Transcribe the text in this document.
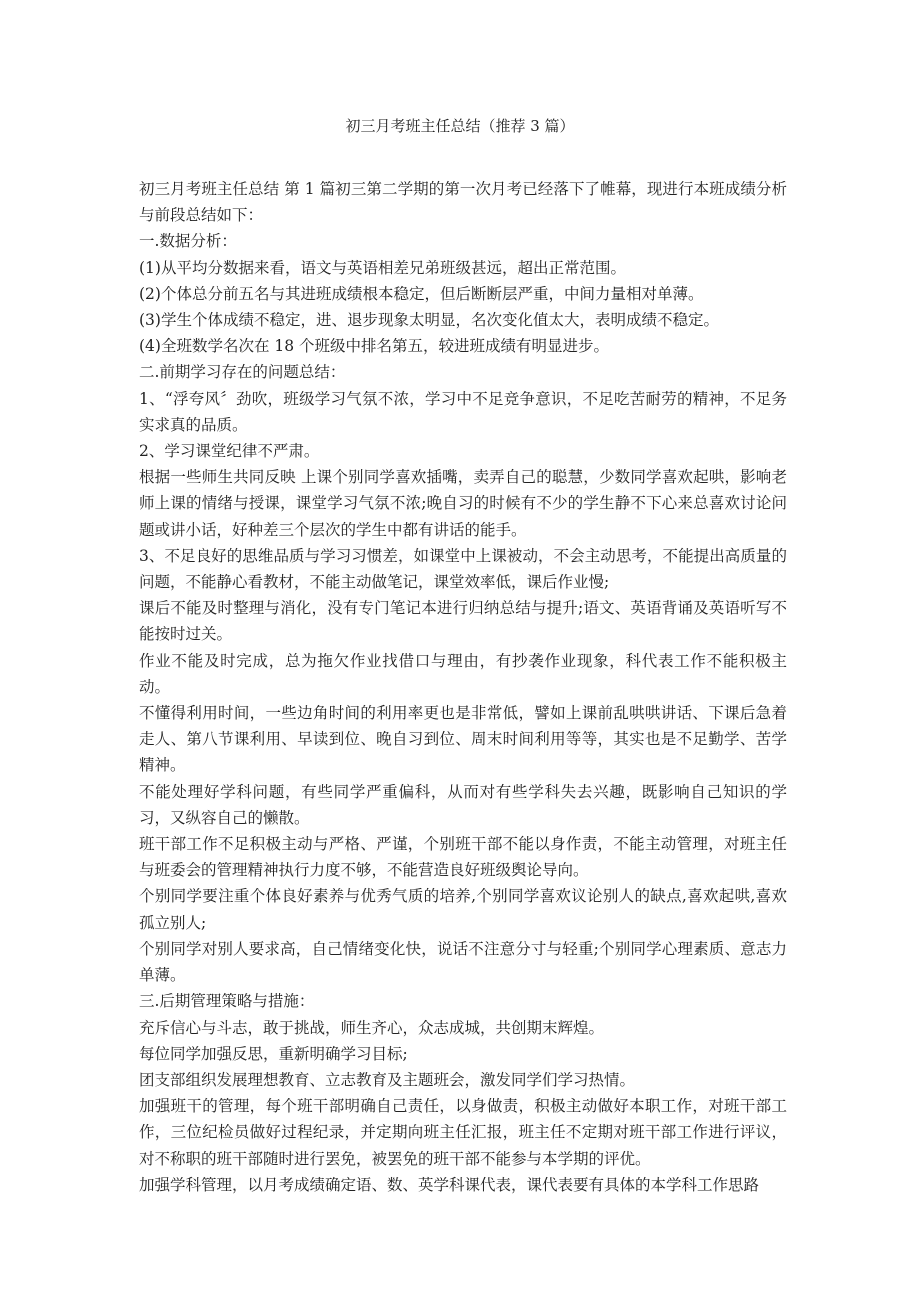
初三月考班主任总结（推荐 3 篇）

初三月考班主任总结 第 1 篇初三第二学期的第一次月考已经落下了帷幕，现进行本班成绩分析与前段总结如下：

一.数据分析：

(1)从平均分数据来看，语文与英语相差兄弟班级甚远，超出正常范围。

(2)个体总分前五名与其进班成绩根本稳定，但后断断层严重，中间力量相对单薄。

(3)学生个体成绩不稳定，进、退步现象太明显，名次变化值太大，表明成绩不稳定。

(4)全班数学名次在 18 个班级中排名第五，较进班成绩有明显进步。

二.前期学习存在的问题总结：

1、“浮夸风〞劲吹，班级学习气氛不浓，学习中不足竞争意识，不足吃苦耐劳的精神，不足务实求真的品质。

2、学习课堂纪律不严肃。

根据一些师生共同反映 上课个别同学喜欢插嘴，卖弄自己的聪慧，少数同学喜欢起哄，影响老师上课的情绪与授课，课堂学习气氛不浓;晚自习的时候有不少的学生静不下心来总喜欢讨论问题或讲小话，好种差三个层次的学生中都有讲话的能手。

3、不足良好的思维品质与学习习惯差，如课堂中上课被动，不会主动思考，不能提出高质量的问题，不能静心看教材，不能主动做笔记，课堂效率低，课后作业慢;

课后不能及时整理与消化，没有专门笔记本进行归纳总结与提升;语文、英语背诵及英语听写不能按时过关。

作业不能及时完成，总为拖欠作业找借口与理由，有抄袭作业现象，科代表工作不能积极主动。

不懂得利用时间，一些边角时间的利用率更也是非常低，譬如上课前乱哄哄讲话、下课后急着走人、第八节课利用、早读到位、晚自习到位、周末时间利用等等，其实也是不足勤学、苦学精神。

不能处理好学科问题，有些同学严重偏科，从而对有些学科失去兴趣，既影响自己知识的学习，又纵容自己的懒散。

班干部工作不足积极主动与严格、严谨，个别班干部不能以身作责，不能主动管理，对班主任与班委会的管理精神执行力度不够，不能营造良好班级舆论导向。

个别同学要注重个体良好素养与优秀气质的培养,个别同学喜欢议论别人的缺点,喜欢起哄,喜欢孤立别人;

个别同学对别人要求高，自己情绪变化快，说话不注意分寸与轻重;个别同学心理素质、意志力单薄。

三.后期管理策略与措施：

充斥信心与斗志，敢于挑战，师生齐心，众志成城，共创期末辉煌。

每位同学加强反思，重新明确学习目标;

团支部组织发展理想教育、立志教育及主题班会，激发同学们学习热情。

加强班干的管理，每个班干部明确自己责任，以身做责，积极主动做好本职工作，对班干部工作，三位纪检员做好过程纪录，并定期向班主任汇报，班主任不定期对班干部工作进行评议，对不称职的班干部随时进行罢免，被罢免的班干部不能参与本学期的评优。

加强学科管理，以月考成绩确定语、数、英学科课代表，课代表要有具体的本学科工作思路
